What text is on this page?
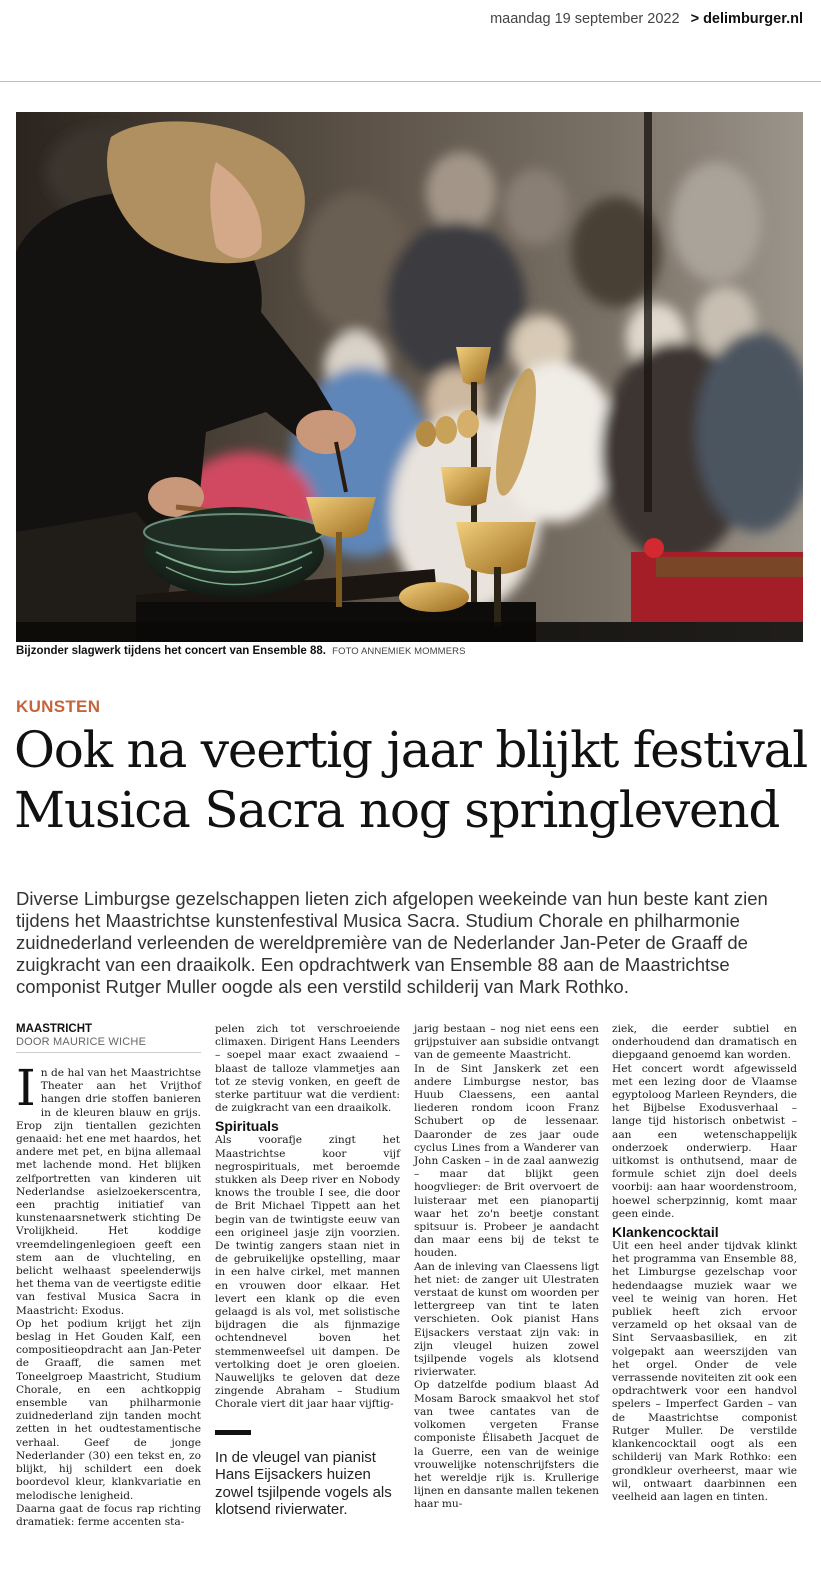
maandag 19 september 2022 > delimburger.nl
Bijzonder slagwerk tijdens het concert van Ensemble 88. FOTO ANNEMIEK MOMMERS
KUNSTEN
Ook na veertig jaar blijkt festival Musica Sacra nog springlevend

Diverse Limburgse gezelschappen lieten zich afgelopen weekeinde van hun beste kant zien tijdens het Maastrichtse kunstenfestival Musica Sacra. Studium Chorale en philharmonie zuidnederland verleenden de wereldpremière van de Nederlander Jan-Peter de Graaff de zuigkracht van een draaikolk. Een opdrachtwerk van Ensemble 88 aan de Maastrichtse componist Rutger Muller oogde als een verstild schilderij van Mark Rothko.

MAASTRICHT
DOOR MAURICE WICHE
I n de hal van het Maastrichtse Theater aan het Vrijthof hangen drie stoffen banieren in de kleuren blauw en grijs. Erop zijn tientallen gezichten genaaid: het ene met haardos, het andere met pet, en bijna allemaal met lachende mond. Het blijken zelfportretten van kinderen uit Nederlandse asielzoekerscentra, een prachtig initiatief van kunstenaarsnetwerk stichting De Vrolijkheid. Het koddige vreemdelingenlegioen geeft een stem aan de vluchteling, en belicht welhaast speelenderwijs het thema van de veertigste editie van festival Musica Sacra in Maastricht: Exodus.

Op het podium krijgt het zijn beslag in Het Gouden Kalf, een compositieopdracht aan Jan-Peter de Graaff, die samen met Toneelgroep Maastricht, Studium Chorale, en een achtkoppig ensemble van philharmonie zuidnederland zijn tanden mocht zetten in het oudtestamentische verhaal. Geef de jonge Nederlander (30) een tekst en, zo blijkt, hij schildert een doek boordevol kleur, klankvariatie en melodische lenigheid.

Daarna gaat de focus rap richting dramatiek: ferme accenten sta-

pelen zich tot verschroeiende climaxen. Dirigent Hans Leenders – soepel maar exact zwaaiend – blaast de talloze vlammetjes aan tot ze stevig vonken, en geeft de sterke partituur wat die verdient: de zuigkracht van een draaikolk.

Spirituals

Als voorafje zingt het Maastrichtse koor vijf negrospirituals, met beroemde stukken als Deep river en Nobody knows the trouble I see, die door de Brit Michael Tippett aan het begin van de twintigste eeuw van een origineel jasje zijn voorzien. De twintig zangers staan niet in de gebruikelijke opstelling, maar in een halve cirkel, met mannen en vrouwen door elkaar. Het levert een klank op die even gelaagd is als vol, met solistische bijdragen die als fijnmazige ochtendnevel boven het stemmenweefsel uit dampen. De vertolking doet je oren gloeien. Nauwelijks te geloven dat deze zingende Abraham – Studium Chorale viert dit jaar haar vijftig-

In de vleugel van pianist Hans Eijsackers huizen zowel tsjilpende vogels als klotsend rivierwater.

jarig bestaan – nog niet eens een grijpstuiver aan subsidie ontvangt van de gemeente Maastricht.

In de Sint Janskerk zet een andere Limburgse nestor, bas Huub Claessens, een aantal liederen rondom icoon Franz Schubert op de lessenaar. Daaronder de zes jaar oude cyclus Lines from a Wanderer van John Casken – in de zaal aanwezig – maar dat blijkt geen hoogvlieger: de Brit overvoert de luisteraar met een pianopartij waar het zo'n beetje constant spitsuur is. Probeer je aandacht dan maar eens bij de tekst te houden.

Aan de inleving van Claessens ligt het niet: de zanger uit Ulestraten verstaat de kunst om woorden per lettergreep van tint te laten verschieten. Ook pianist Hans Eijsackers verstaat zijn vak: in zijn vleugel huizen zowel tsjilpende vogels als klotsend rivierwater.

Op datzelfde podium blaast Ad Mosam Barock smaakvol het stof van twee cantates van de volkomen vergeten Franse componiste Élisabeth Jacquet de la Guerre, een van de weinige vrouwelijke notenschrijfsters die het wereldje rijk is. Krullerige lijnen en dansante mallen tekenen haar mu-

ziek, die eerder subtiel en onderhoudend dan dramatisch en diepgaand genoemd kan worden.

Het concert wordt afgewisseld met een lezing door de Vlaamse egyptoloog Marleen Reynders, die het Bijbelse Exodusverhaal – lange tijd historisch onbetwist – aan een wetenschappelijk onderzoek onderwierp. Haar uitkomst is onthutsend, maar de formule schiet zijn doel deels voorbij: aan haar woordenstroom, hoewel scherpzinnig, komt maar geen einde.

Klankencocktail

Uit een heel ander tijdvak klinkt het programma van Ensemble 88, het Limburgse gezelschap voor hedendaagse muziek waar we veel te weinig van horen. Het publiek heeft zich ervoor verzameld op het oksaal van de Sint Servaasbasiliek, en zit volgepakt aan weerszijden van het orgel. Onder de vele verrassende noviteiten zit ook een opdrachtwerk voor een handvol spelers – Imperfect Garden – van de Maastrichtse componist Rutger Muller. De verstilde klankencocktail oogt als een schilderij van Mark Rothko: een grondkleur overheerst, maar wie wil, ontwaart daarbinnen een veelheid aan lagen en tinten.
